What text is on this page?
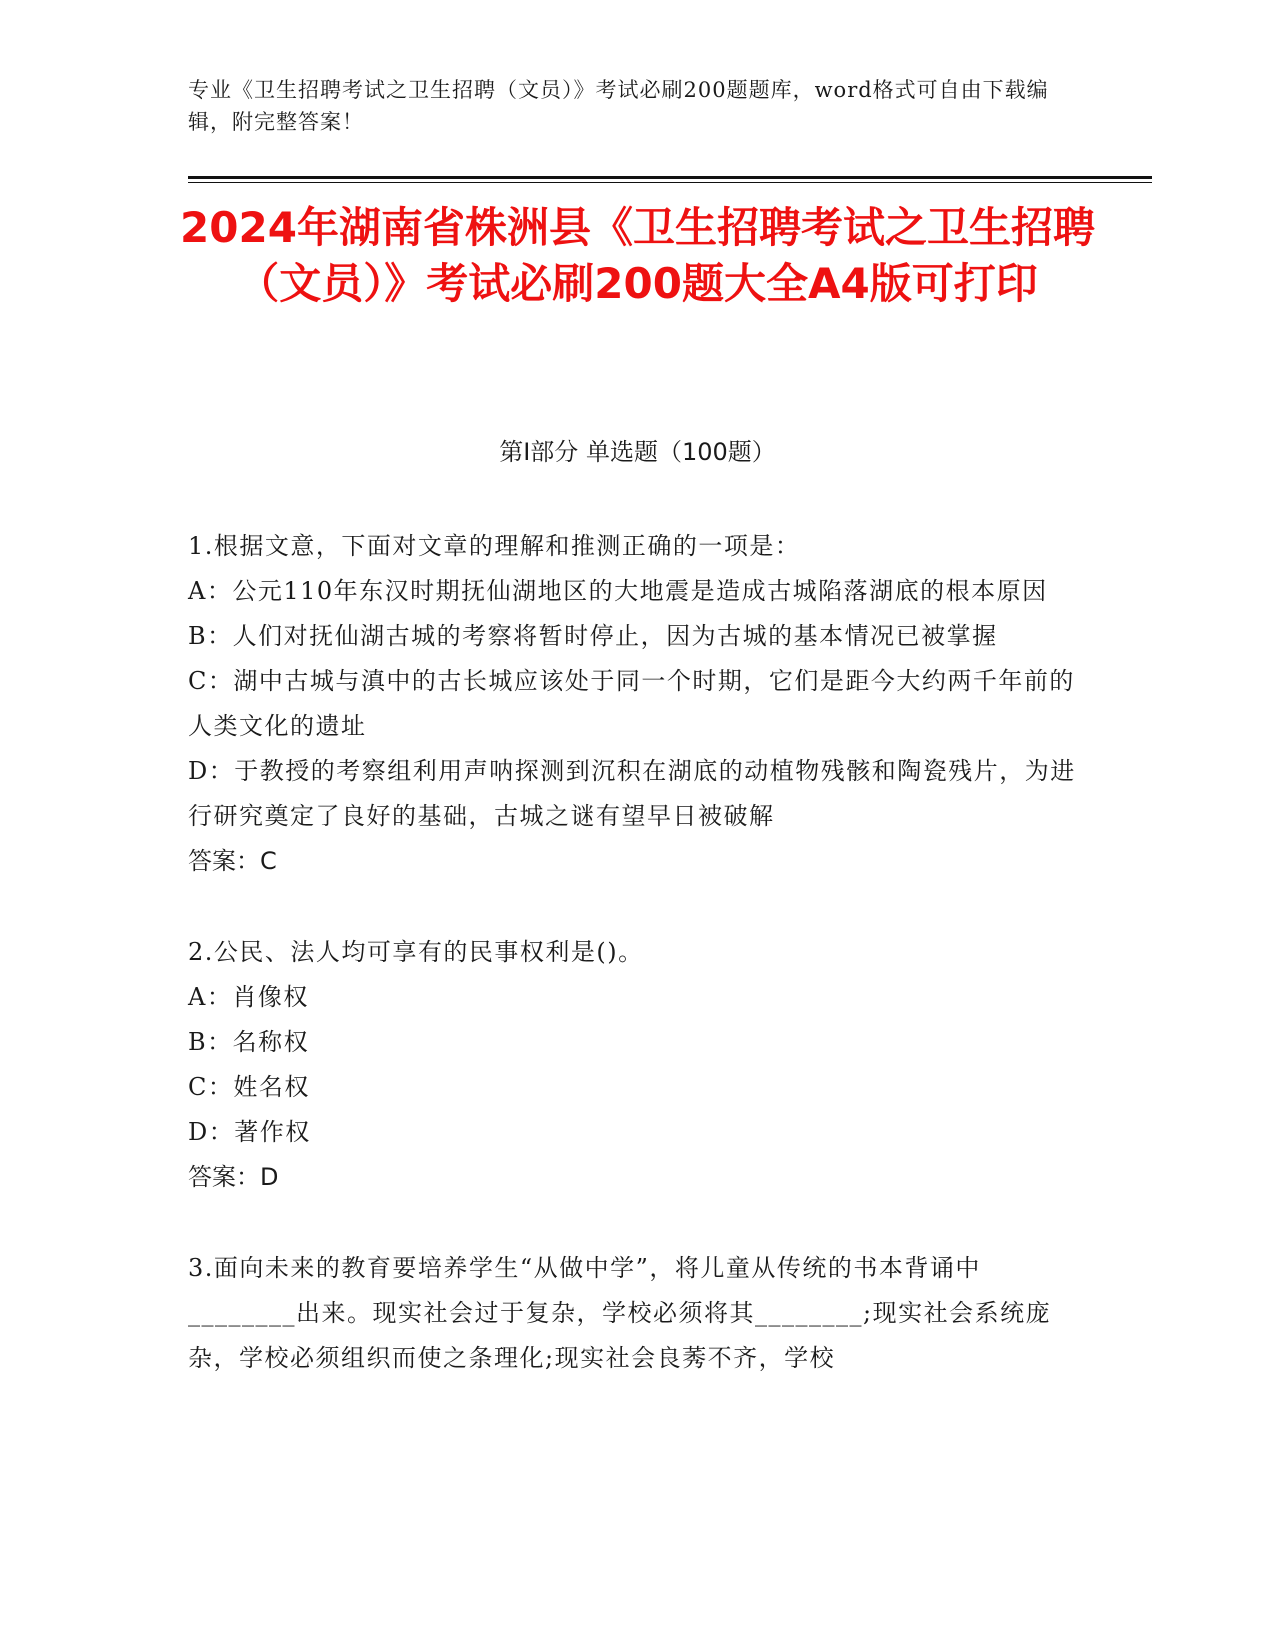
专业《卫生招聘考试之卫生招聘（文员）》考试必刷200题题库，word格式可自由下载编辑，附完整答案！
2024年湖南省株洲县《卫生招聘考试之卫生招聘（文员）》考试必刷200题大全A4版可打印
第Ⅰ部分 单选题（100题）
1.根据文意，下面对文章的理解和推测正确的一项是：
A：公元110年东汉时期抚仙湖地区的大地震是造成古城陷落湖底的根本原因
B：人们对抚仙湖古城的考察将暂时停止，因为古城的基本情况已被掌握
C：湖中古城与滇中的古长城应该处于同一个时期，它们是距今大约两千年前的人类文化的遗址
D：于教授的考察组利用声呐探测到沉积在湖底的动植物残骸和陶瓷残片，为进行研究奠定了良好的基础，古城之谜有望早日被破解
答案：C
2.公民、法人均可享有的民事权利是()。
A：肖像权
B：名称权
C：姓名权
D：著作权
答案：D
3.面向未来的教育要培养学生“从做中学”，将儿童从传统的书本背诵中________出来。现实社会过于复杂，学校必须将其________;现实社会系统庞杂，学校必须组织而使之条理化;现实社会良莠不齐，学校
